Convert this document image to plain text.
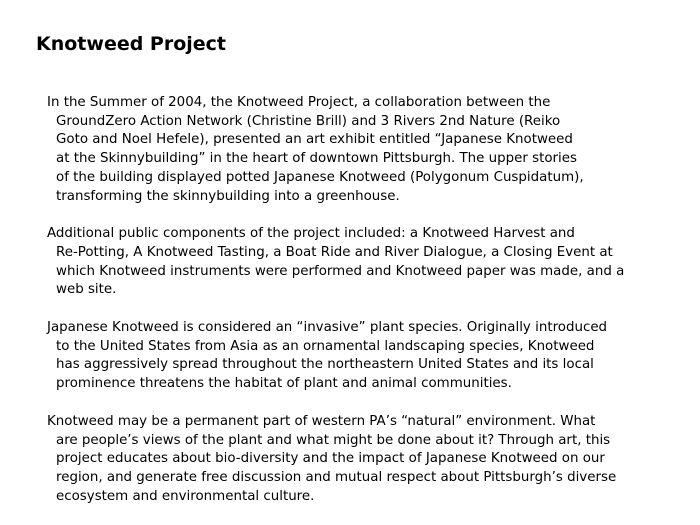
Knotweed Project

In the Summer of 2004, the Knotweed Project, a collaboration between the
GroundZero Action Network (Christine Brill) and 3 Rivers 2nd Nature (Reiko
Goto and Noel Hefele), presented an art exhibit entitled “Japanese Knotweed
at the Skinnybuilding” in the heart of downtown Pittsburgh. The upper stories
of the building displayed potted Japanese Knotweed (Polygonum Cuspidatum),
transforming the skinnybuilding into a greenhouse.

Additional public components of the project included: a Knotweed Harvest and
Re-Potting, A Knotweed Tasting, a Boat Ride and River Dialogue, a Closing Event at
which Knotweed instruments were performed and Knotweed paper was made, and a
web site.

Japanese Knotweed is considered an “invasive” plant species. Originally introduced
to the United States from Asia as an ornamental landscaping species, Knotweed
has aggressively spread throughout the northeastern United States and its local
prominence threatens the habitat of plant and animal communities.

Knotweed may be a permanent part of western PA’s “natural” environment. What
are people’s views of the plant and what might be done about it? Through art, this
project educates about bio-diversity and the impact of Japanese Knotweed on our
region, and generate free discussion and mutual respect about Pittsburgh’s diverse
ecosystem and environmental culture.
